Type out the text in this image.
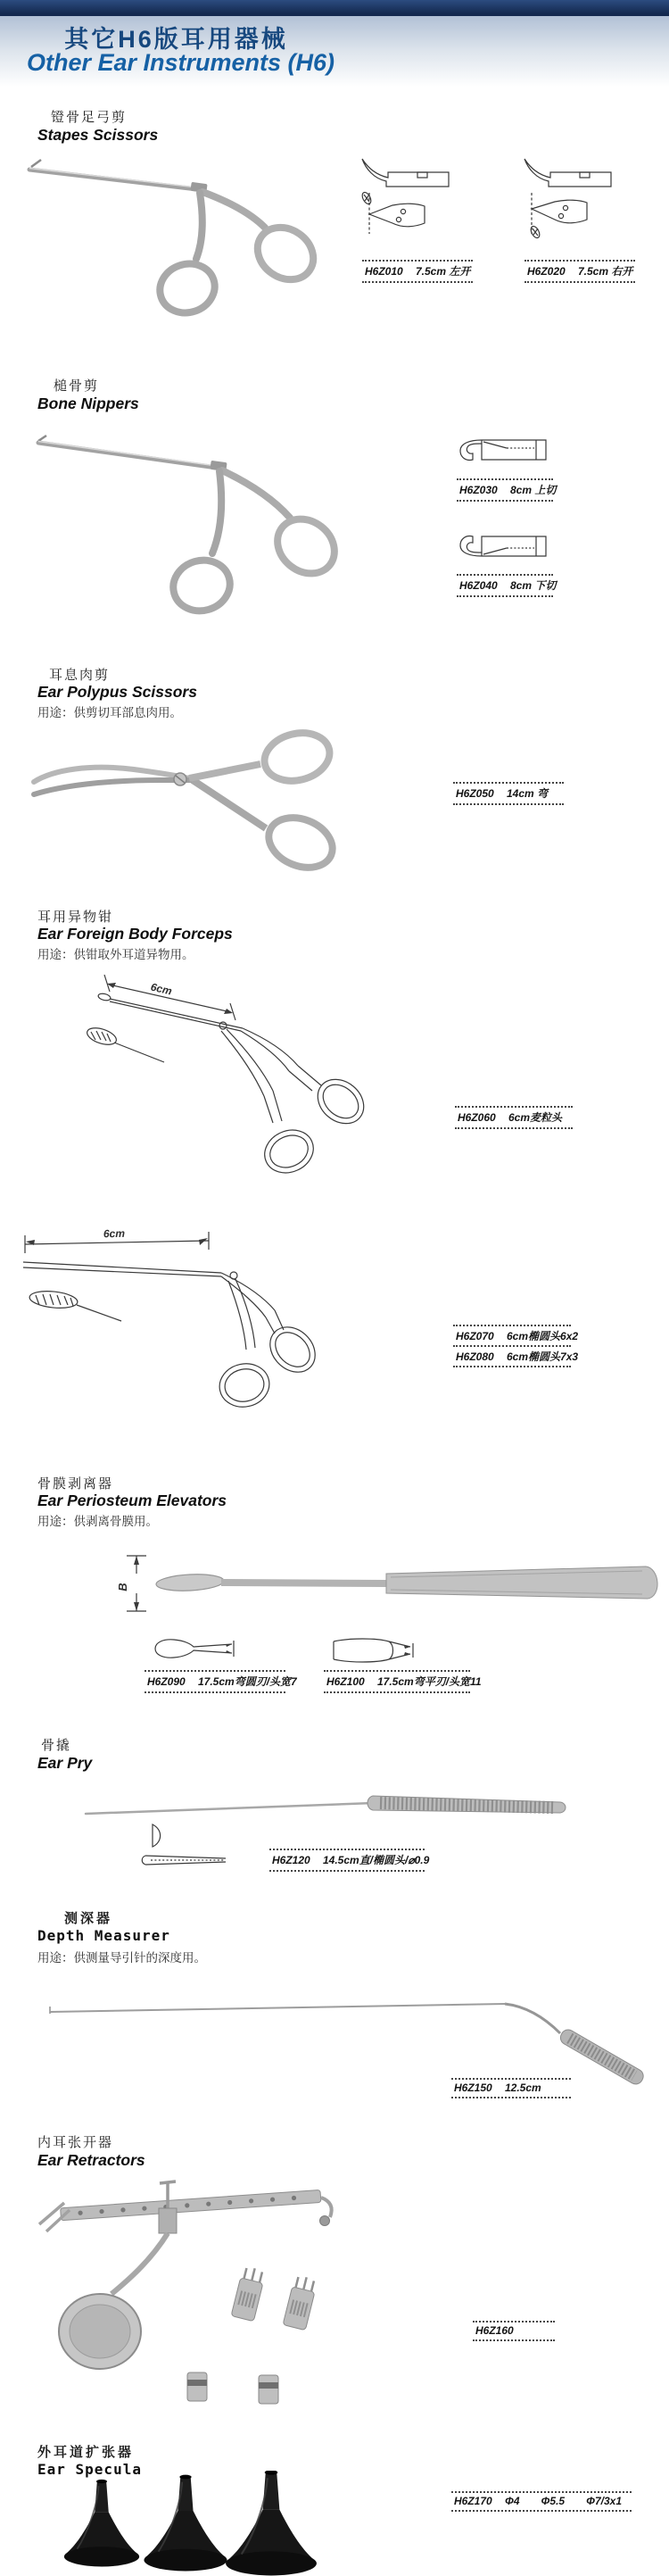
其它H6版耳用器械
Other Ear Instruments (H6)
镫骨足弓剪
Stapes Scissors
H6Z010	7.5cm 左开	H6Z020	7.5cm 右开
槌骨剪
Bone Nippers
H6Z030	8cm 上切
H6Z040	8cm 下切
耳息肉剪
Ear Polypus Scissors
用途：供剪切耳部息肉用。
H6Z050	14cm 弯
耳用异物钳
Ear Foreign Body Forceps
用途：供钳取外耳道异物用。
6cm
H6Z060	6cm麦粒头
6cm
H6Z070	6cm椭圆头6x2
H6Z080	6cm椭圆头7x3
骨膜剥离器
Ear Periosteum Elevators
用途：供剥离骨膜用。
B
H6Z090	17.5cm弯圆刃/头宽7	H6Z100	17.5cm弯平刃/头宽11
骨撬
Ear Pry
H6Z120	14.5cm直/椭圆头/⌀0.9
测深器
Depth Measurer
用途：供测量导引针的深度用。
H6Z150	12.5cm
内耳张开器
Ear Retractors
H6Z160
外耳道扩张器
Ear Specula
H6Z170	Φ4  Φ5.5  Φ7/3x1
